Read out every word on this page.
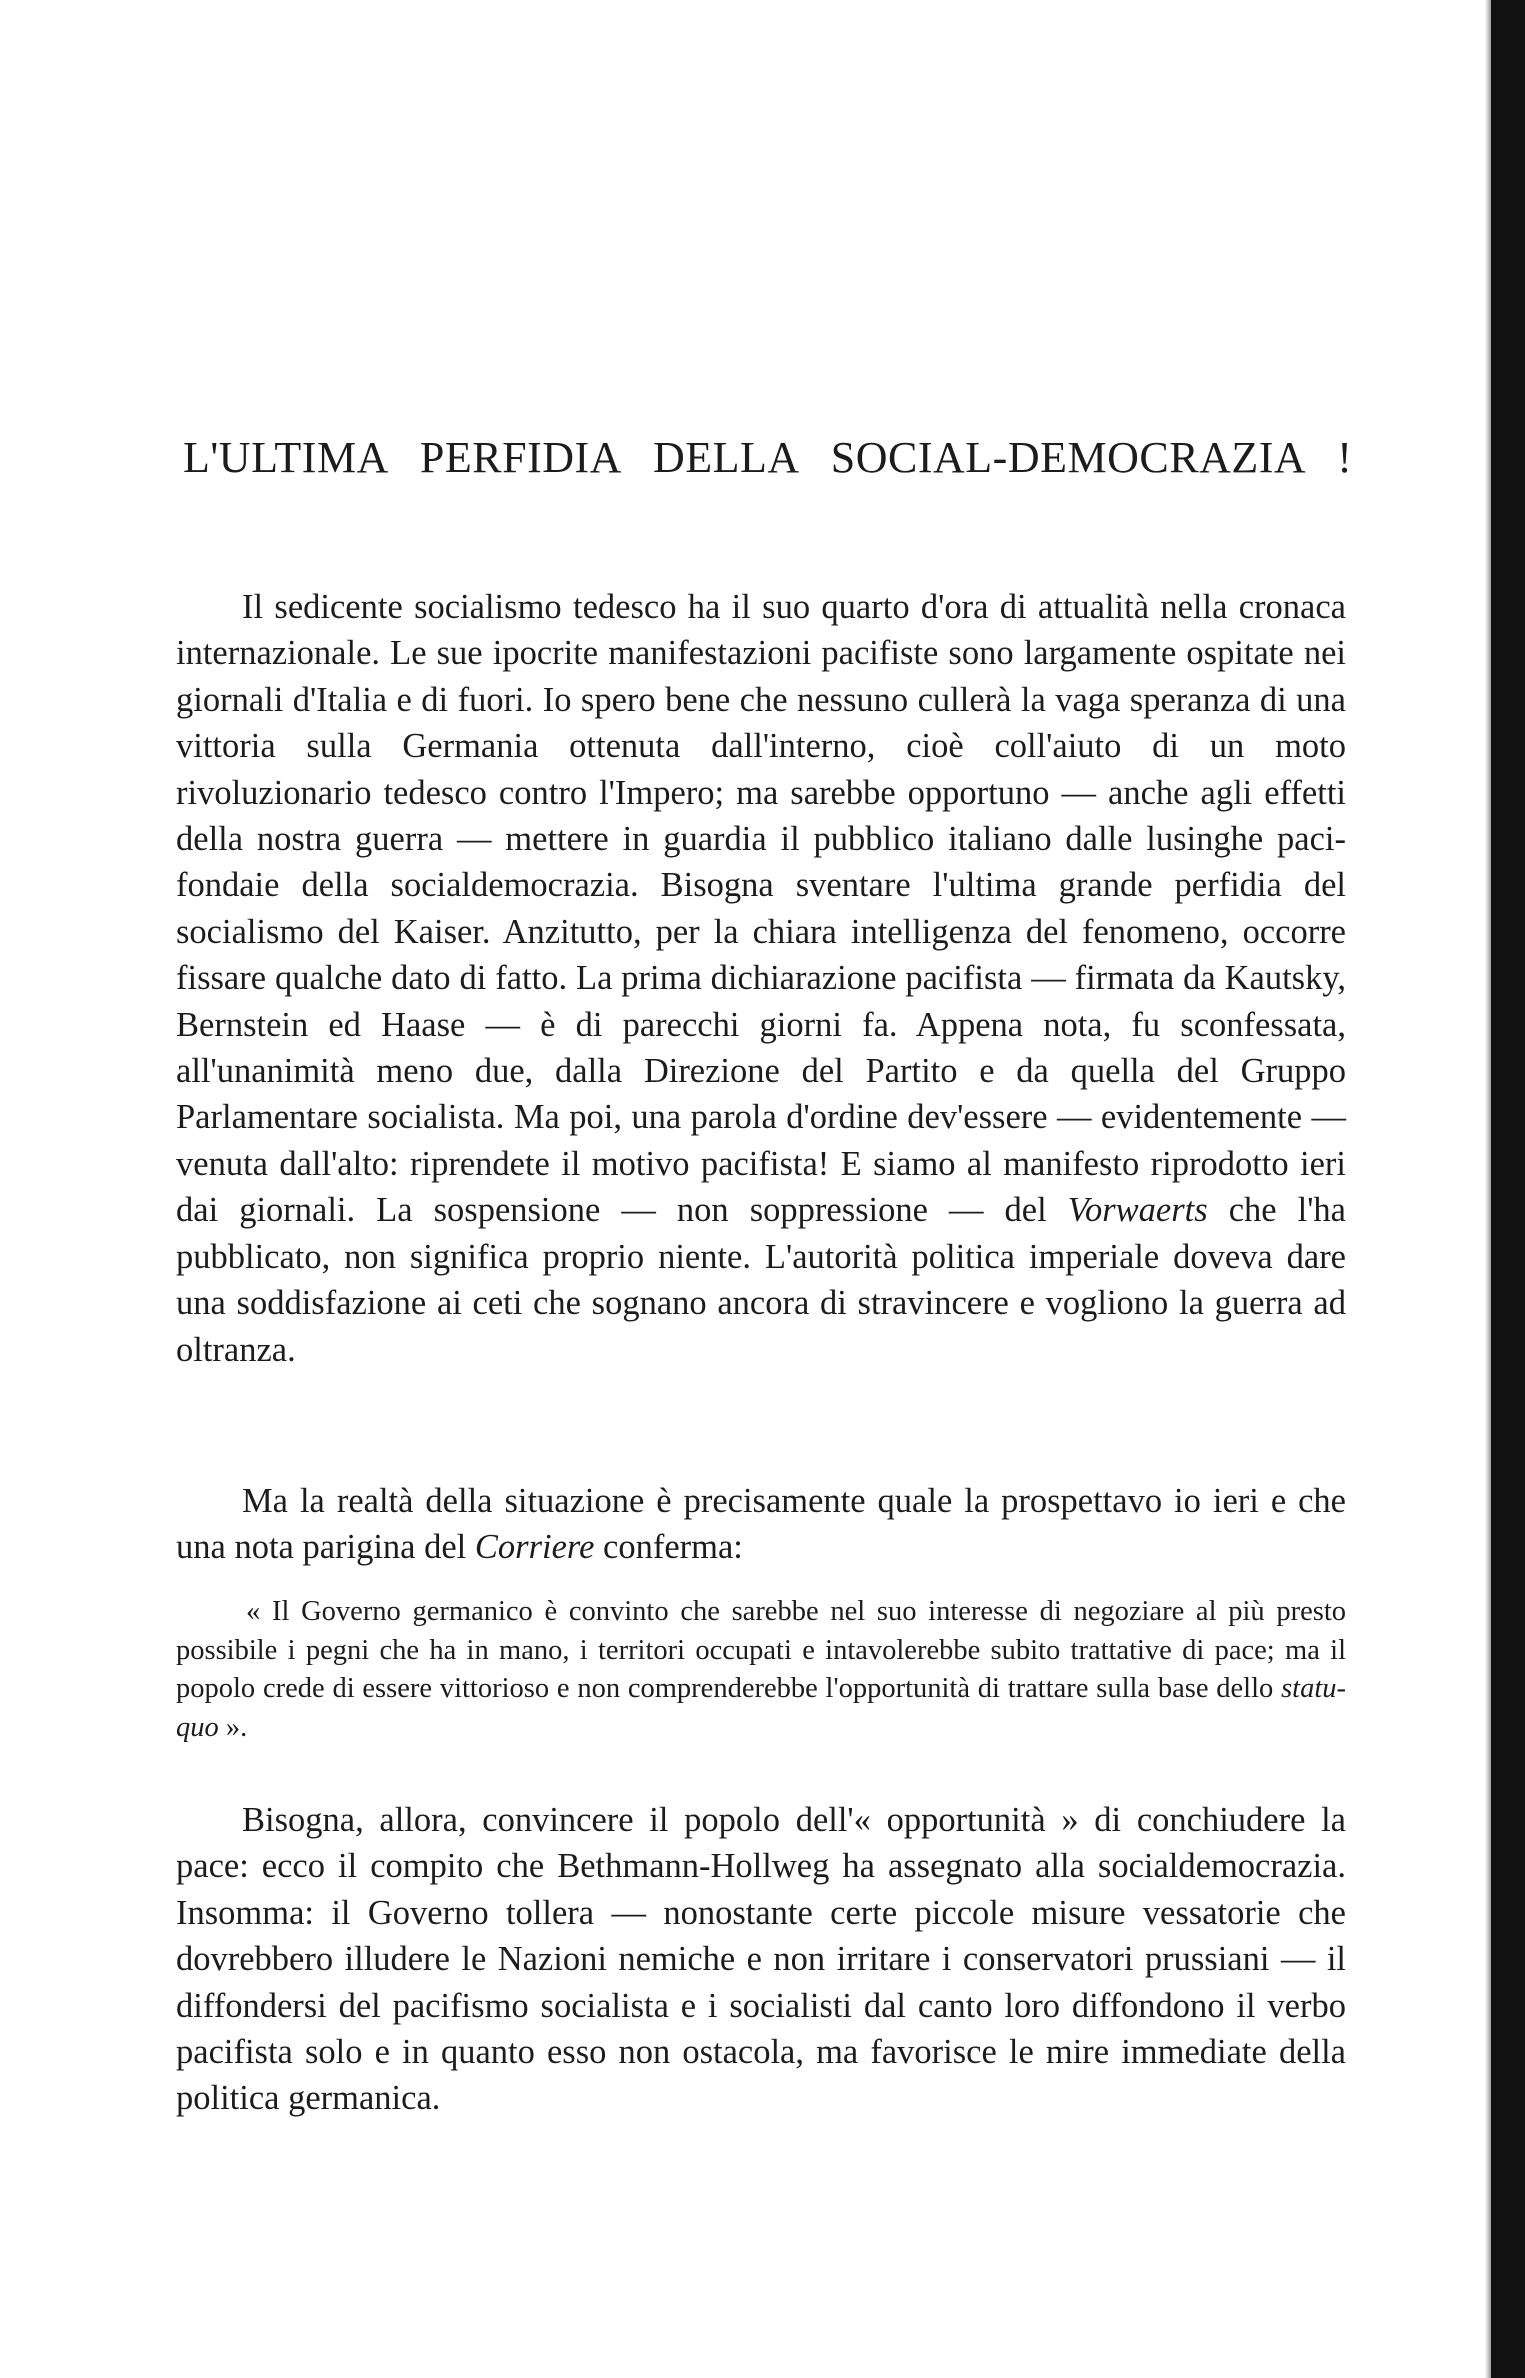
L'ULTIMA PERFIDIA DELLA SOCIAL-DEMOCRAZIA !

Il sedicente socialismo tedesco ha il suo quarto d'ora di attualità nella cronaca internazionale. Le sue ipocrite manifestazioni pacifiste sono largamente ospitate nei giornali d'Italia e di fuori. Io spero bene che nessuno cullerà la vaga speranza di una vittoria sulla Germania ottenuta dall'interno, cioè coll'aiuto di un moto rivoluzionario tedesco contro l'Impero; ma sarebbe opportuno — anche agli effetti della nostra guerra — mettere in guardia il pubblico italiano dalle lusinghe pacifondaie della socialdemocrazia. Bisogna sventare l'ultima grande perfidia del socialismo del Kaiser. Anzitutto, per la chiara intelligenza del fenomeno, occorre fissare qualche dato di fatto. La prima dichiarazione pacifista — firmata da Kautsky, Bernstein ed Haase — è di parecchi giorni fa. Appena nota, fu sconfessata, all'unanimità meno due, dalla Direzione del Partito e da quella del Gruppo Parlamentare socialista. Ma poi, una parola d'ordine dev'essere — evidentemente — venuta dall'alto: riprendete il motivo pacifista! E siamo al manifesto riprodotto ieri dai giornali. La sospensione — non soppressione — del Vorwaerts che l'ha pubblicato, non significa proprio niente. L'autorità politica imperiale doveva dare una soddisfazione ai ceti che sognano ancora di stravincere e vogliono la guerra ad oltranza.

Ma la realtà della situazione è precisamente quale la prospettavo io ieri e che una nota parigina del Corriere conferma:

« Il Governo germanico è convinto che sarebbe nel suo interesse di negoziare al più presto possibile i pegni che ha in mano, i territori occupati e intavolerebbe subito trattative di pace; ma il popolo crede di essere vittorioso e non comprenderebbe l'opportunità di trattare sulla base dello statu-quo ».

Bisogna, allora, convincere il popolo dell'« opportunità » di conchiudere la pace: ecco il compito che Bethmann-Hollweg ha assegnato alla socialdemocrazia. Insomma: il Governo tollera — nonostante certe piccole misure vessatorie che dovrebbero illudere le Nazioni nemiche e non irritare i conservatori prussiani — il diffondersi del pacifismo socialista e i socialisti dal canto loro diffondono il verbo pacifista solo e in quanto esso non ostacola, ma favorisce le mire immediate della politica germanica.
